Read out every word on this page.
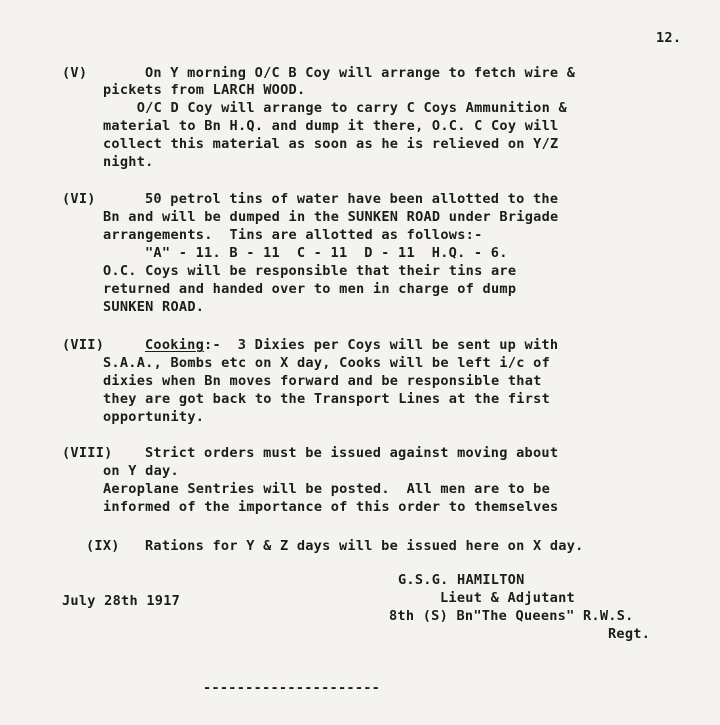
12.
(V)	On Y morning O/C B Coy will arrange to fetch wire &
pickets from LARCH WOOD.
O/C D Coy will arrange to carry C Coys Ammunition &
material to Bn H.Q. and dump it there, O.C. C Coy will
collect this material as soon as he is relieved on Y/Z
night.
(VI)	50 petrol tins of water have been allotted to the
Bn and will be dumped in the SUNKEN ROAD under Brigade
arrangements.  Tins are allotted as follows:-
"A" - 11. B - 11  C - 11  D - 11  H.Q. - 6.
O.C. Coys will be responsible that their tins are
returned and handed over to men in charge of dump
SUNKEN ROAD.
(VII)	Cooking:-  3 Dixies per Coys will be sent up with
S.A.A., Bombs etc on X day, Cooks will be left i/c of
dixies when Bn moves forward and be responsible that
they are got back to the Transport Lines at the first
opportunity.
(VIII) Strict orders must be issued against moving about
on Y day.
Aeroplane Sentries will be posted.  All men are to be
informed of the importance of this order to themselves
(IX) Rations for Y & Z days will be issued here on X day.
July 28th 1917
G.S.G. HAMILTON
Lieut & Adjutant
8th (S) Bn"The Queens" R.W.S.
Regt.
---------------------
